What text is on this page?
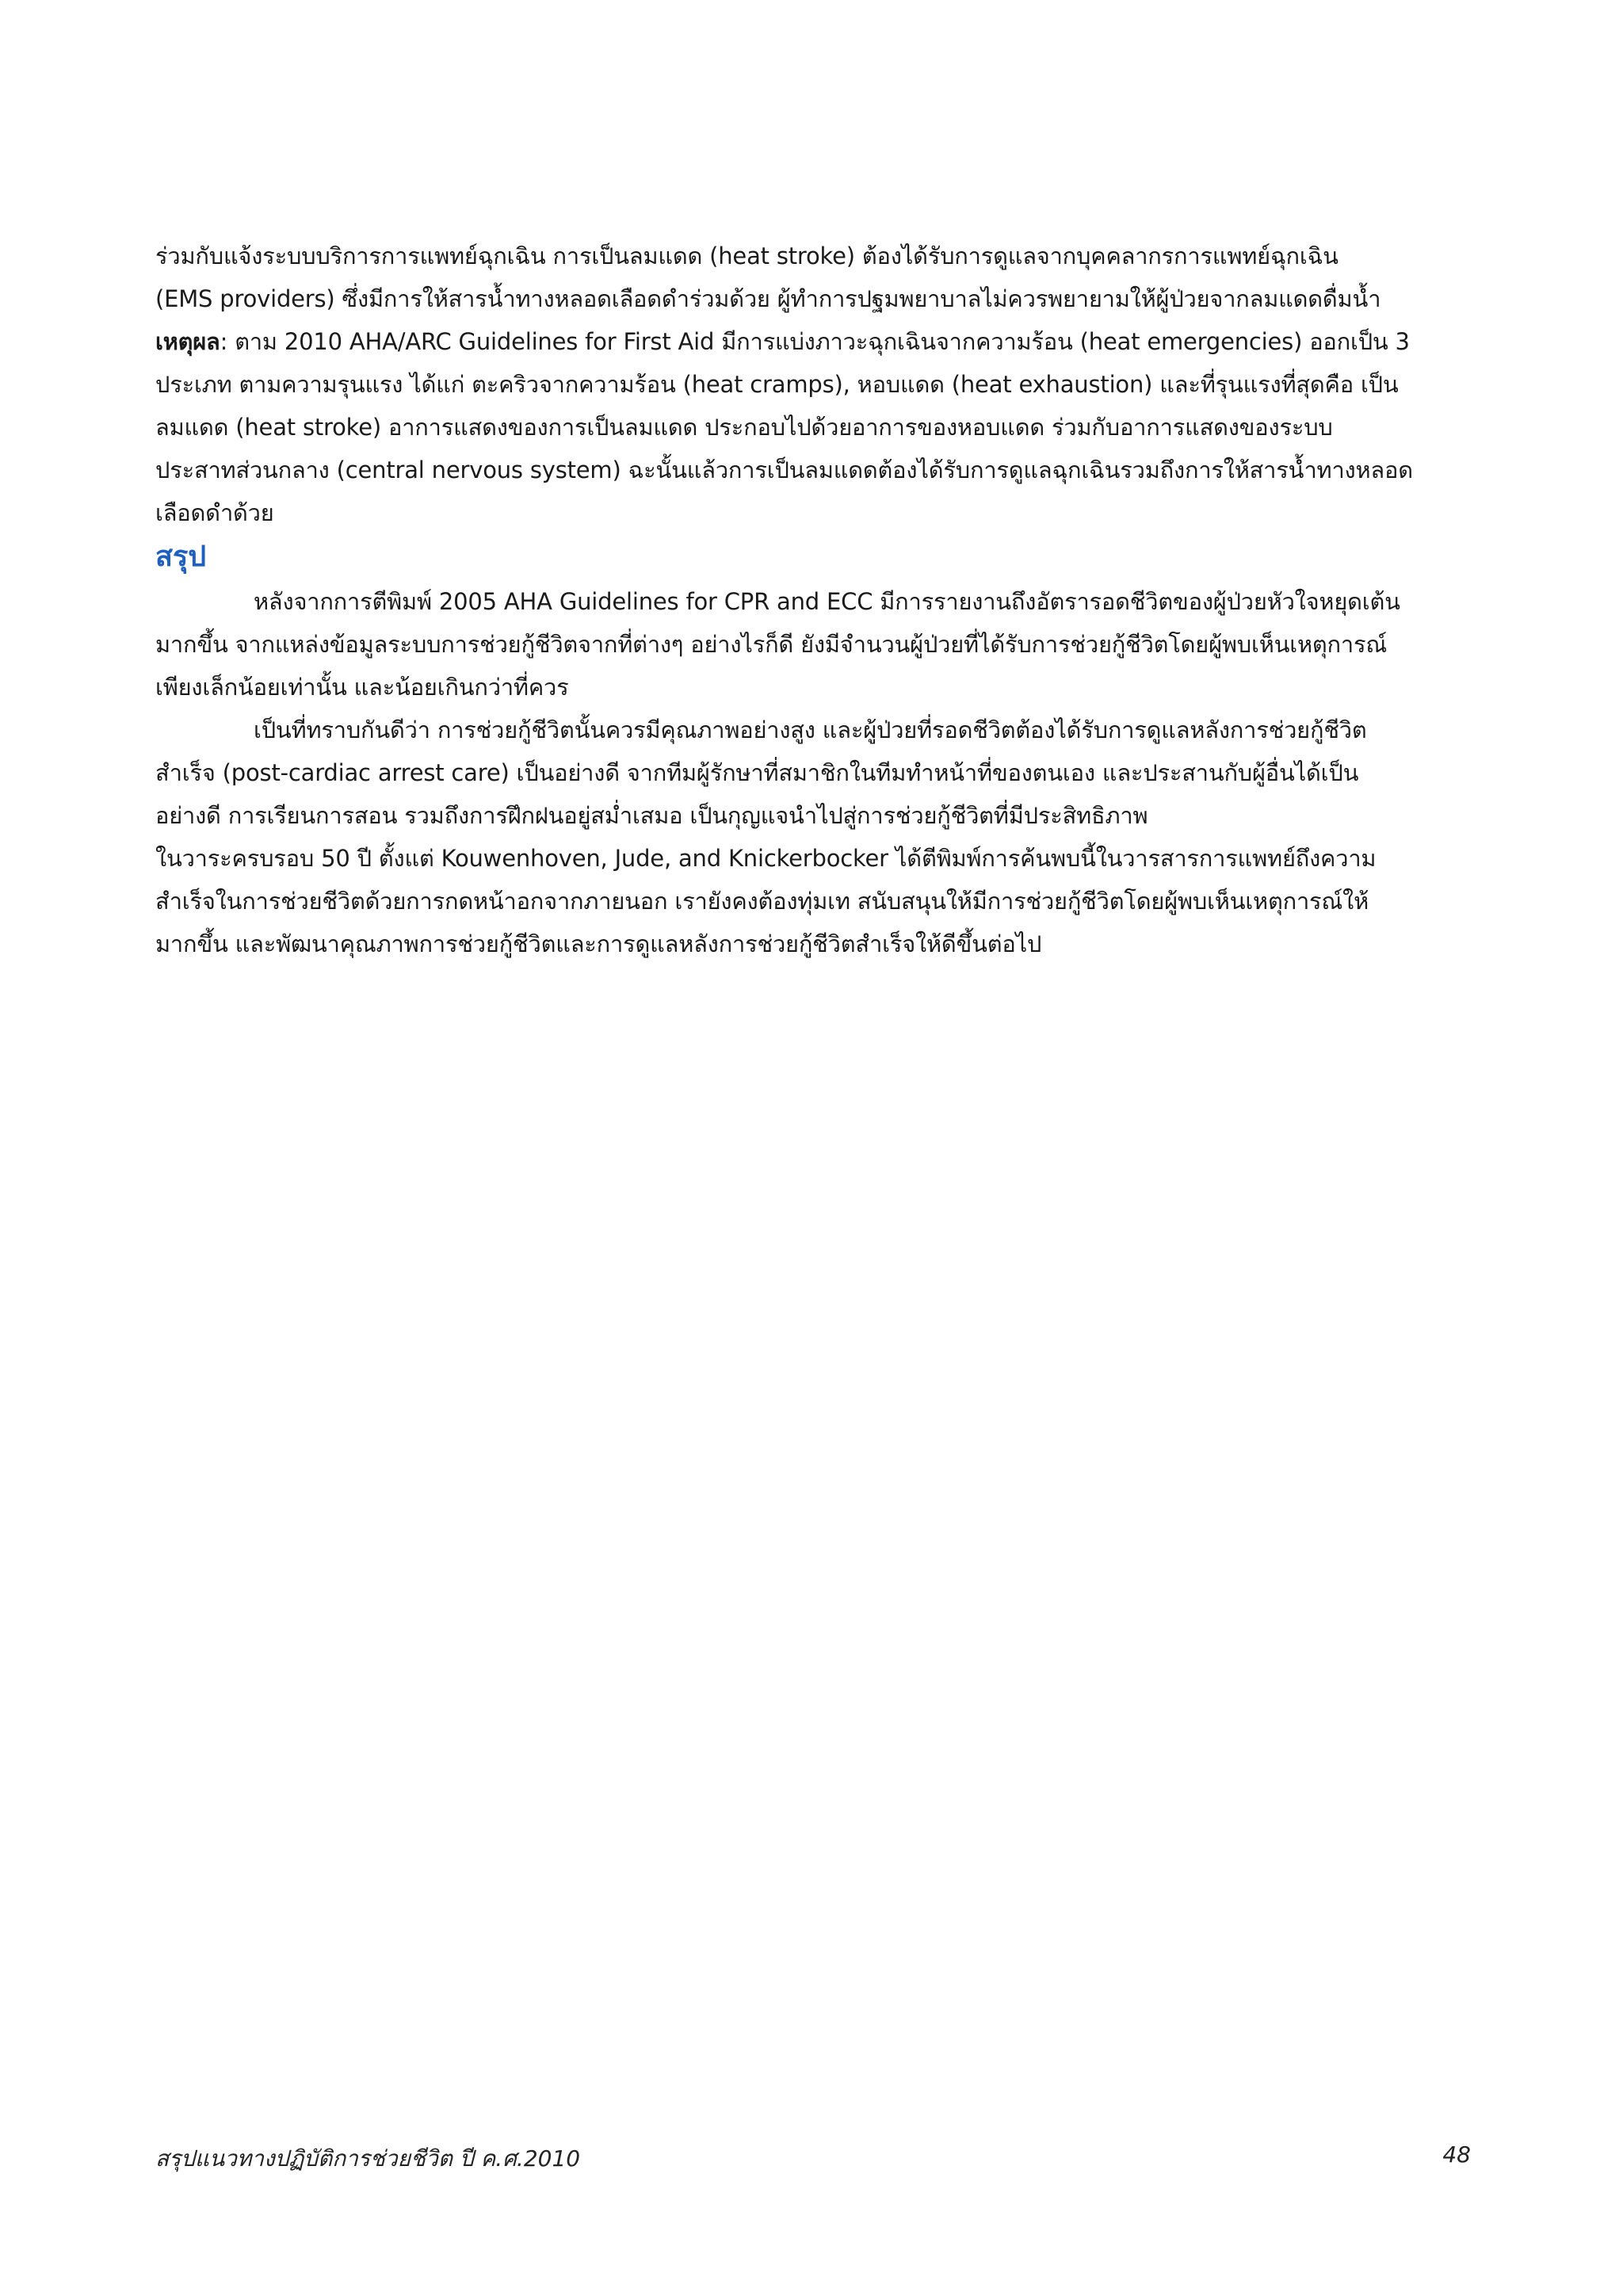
ร่วมกับแจ้งระบบบริการการแพทย์ฉุกเฉิน การเป็นลมแดด (heat stroke) ต้องได้รับการดูแลจากบุคคลากรการแพทย์ฉุกเฉิน
(EMS providers) ซึ่งมีการให้สารน้ำทางหลอดเลือดดำร่วมด้วย ผู้ทำการปฐมพยาบาลไม่ควรพยายามให้ผู้ป่วยจากลมแดดดื่มน้ำ
เหตุผล: ตาม 2010 AHA/ARC Guidelines for First Aid มีการแบ่งภาวะฉุกเฉินจากความร้อน (heat emergencies) ออกเป็น 3
ประเภท ตามความรุนแรง ได้แก่ ตะคริวจากความร้อน (heat cramps), หอบแดด (heat exhaustion) และที่รุนแรงที่สุดคือ เป็น
ลมแดด (heat stroke) อาการแสดงของการเป็นลมแดด ประกอบไปด้วยอาการของหอบแดด ร่วมกับอาการแสดงของระบบ
ประสาทส่วนกลาง (central nervous system) ฉะนั้นแล้วการเป็นลมแดดต้องได้รับการดูแลฉุกเฉินรวมถึงการให้สารน้ำทางหลอด
เลือดดำด้วย
สรุป
หลังจากการตีพิมพ์ 2005 AHA Guidelines for CPR and ECC มีการรายงานถึงอัตรารอดชีวิตของผู้ป่วยหัวใจหยุดเต้น
มากขึ้น จากแหล่งข้อมูลระบบการช่วยกู้ชีวิตจากที่ต่างๆ อย่างไรก็ดี ยังมีจำนวนผู้ป่วยที่ได้รับการช่วยกู้ชีวิตโดยผู้พบเห็นเหตุการณ์
เพียงเล็กน้อยเท่านั้น และน้อยเกินกว่าที่ควร
เป็นที่ทราบกันดีว่า การช่วยกู้ชีวิตนั้นควรมีคุณภาพอย่างสูง และผู้ป่วยที่รอดชีวิตต้องได้รับการดูแลหลังการช่วยกู้ชีวิต
สำเร็จ (post-cardiac arrest care) เป็นอย่างดี จากทีมผู้รักษาที่สมาชิกในทีมทำหน้าที่ของตนเอง และประสานกับผู้อื่นได้เป็น
อย่างดี การเรียนการสอน รวมถึงการฝึกฝนอยู่สม่ำเสมอ เป็นกุญแจนำไปสู่การช่วยกู้ชีวิตที่มีประสิทธิภาพ
ในวาระครบรอบ 50 ปี ตั้งแต่ Kouwenhoven, Jude, and Knickerbocker ได้ตีพิมพ์การค้นพบนี้ในวารสารการแพทย์ถึงความ
สำเร็จในการช่วยชีวิตด้วยการกดหน้าอกจากภายนอก เรายังคงต้องทุ่มเท สนับสนุนให้มีการช่วยกู้ชีวิตโดยผู้พบเห็นเหตุการณ์ให้
มากขึ้น และพัฒนาคุณภาพการช่วยกู้ชีวิตและการดูแลหลังการช่วยกู้ชีวิตสำเร็จให้ดีขึ้นต่อไป
สรุปแนวทางปฏิบัติการช่วยชีวิต ปี ค.ศ.2010	48
